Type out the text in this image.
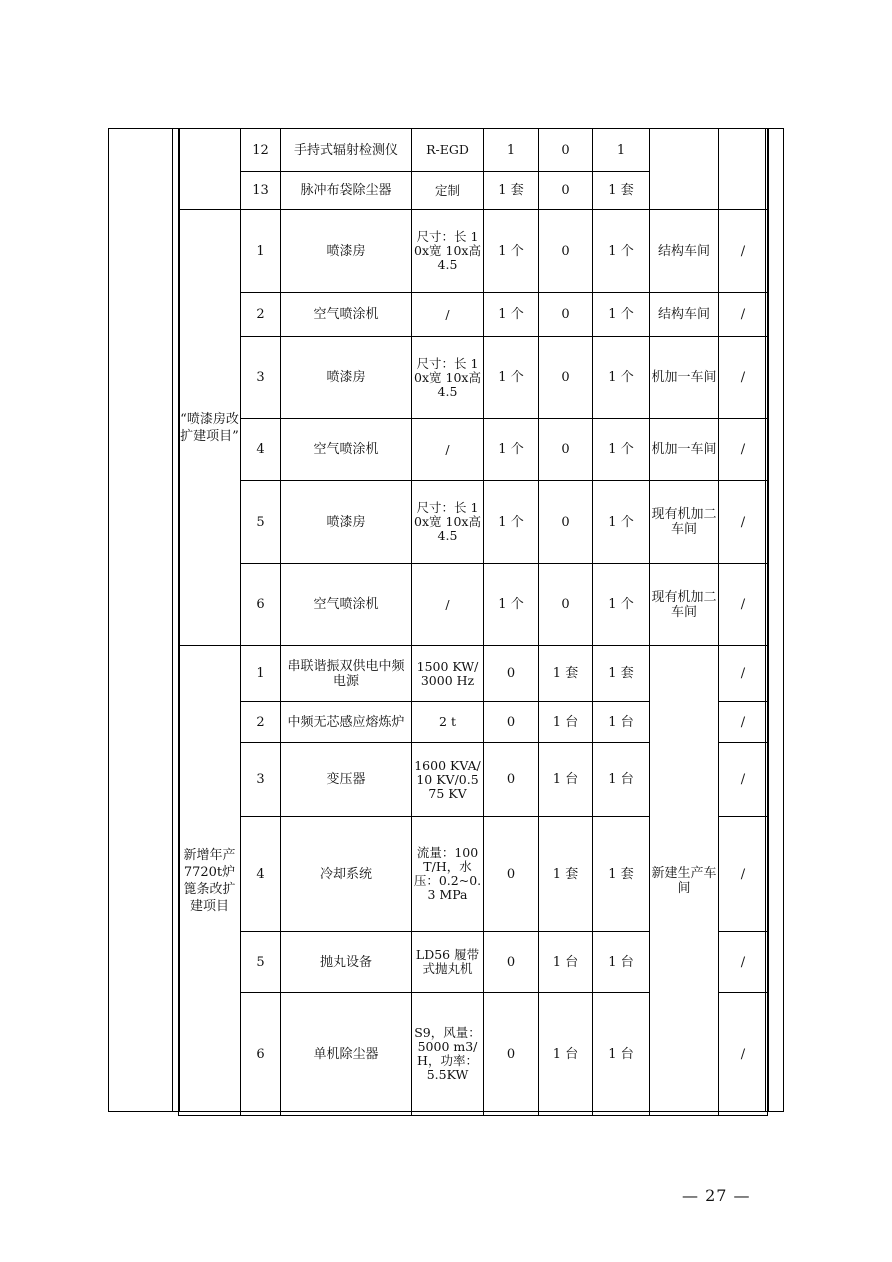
	12	手持式辐射检测仪	R-EGD	1	0	1		
	13	脉冲布袋除尘器	定制	1 套	0	1 套		
“喷漆房改扩建项目”	1	喷漆房	尺寸：长 10x宽 10x高 4.5	1 个	0	1 个	结构车间	/
	2	空气喷涂机	/	1 个	0	1 个	结构车间	/
	3	喷漆房	尺寸：长 10x宽 10x高 4.5	1 个	0	1 个	机加一车间	/
	4	空气喷涂机	/	1 个	0	1 个	机加一车间	/
	5	喷漆房	尺寸：长 10x宽 10x高 4.5	1 个	0	1 个	现有机加二车间	/
	6	空气喷涂机	/	1 个	0	1 个	现有机加二车间	/
新增年产7720t炉篦条改扩建项目	1	串联谐振双供电中频电源	1500 KW/3000 Hz	0	1 套	1 套	新建生产车间	/
	2	中频无芯感应熔炼炉	2 t	0	1 台	1 台		/
	3	变压器	1600 KVA/10 KV/0.575 KV	0	1 台	1 台		/
	4	冷却系统	流量：100 T/H，水压：0.2~0.3 MPa	0	1 套	1 套		/
	5	抛丸设备	LD56 履带式抛丸机	0	1 台	1 台		/
	6	单机除尘器	S9，风量：5000 m3/H，功率：5.5KW	0	1 台	1 台		/
— 27 —
